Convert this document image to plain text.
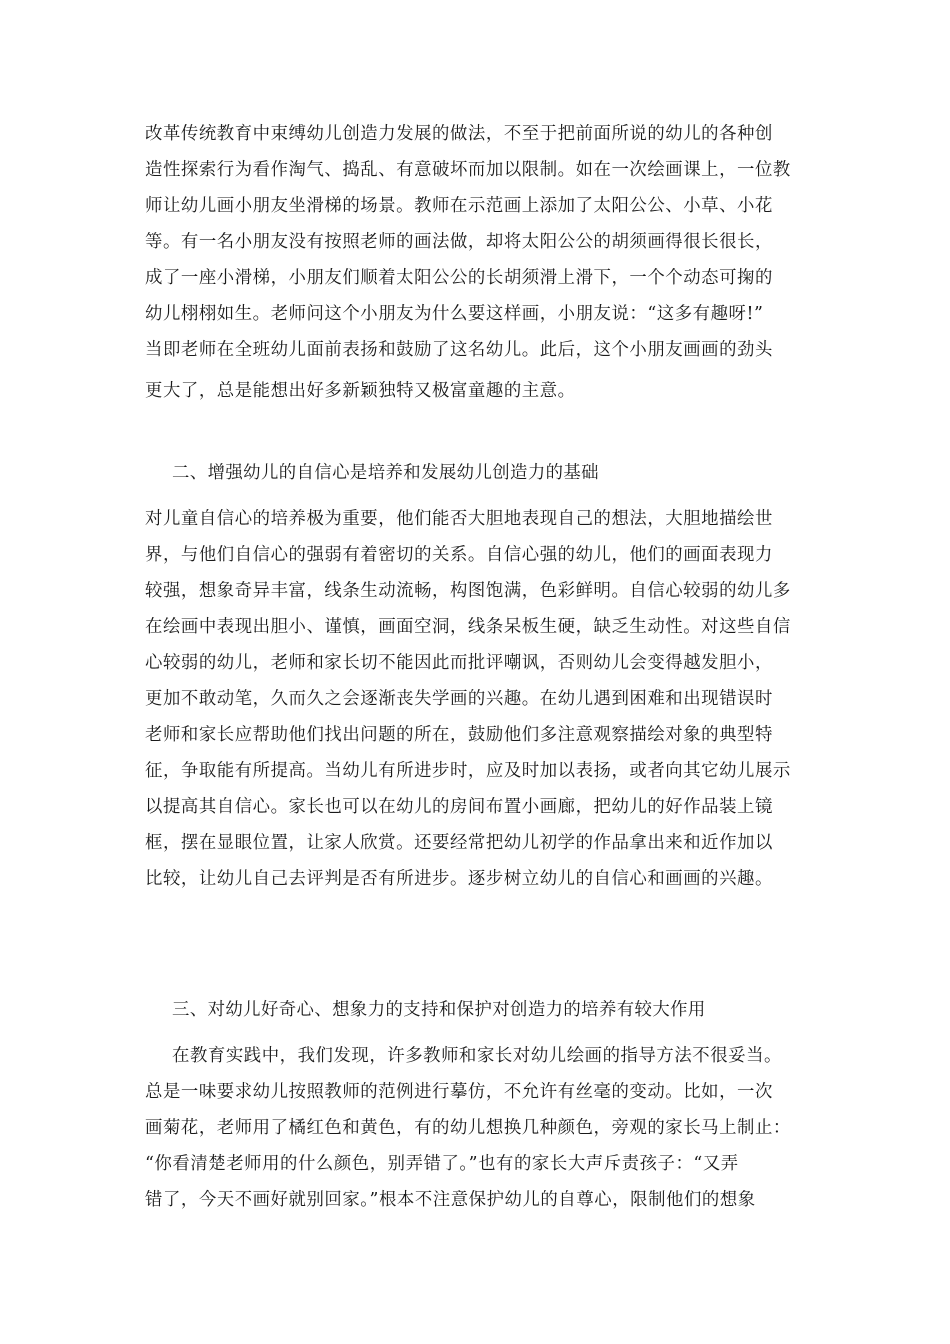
改革传统教育中束缚幼儿创造力发展的做法，不至于把前面所说的幼儿的各种创
造性探索行为看作淘气、捣乱、有意破坏而加以限制。如在一次绘画课上，一位教
师让幼儿画小朋友坐滑梯的场景。教师在示范画上添加了太阳公公、小草、小花
等。有一名小朋友没有按照老师的画法做，却将太阳公公的胡须画得很长很长，
成了一座小滑梯，小朋友们顺着太阳公公的长胡须滑上滑下，一个个动态可掬的
幼儿栩栩如生。老师问这个小朋友为什么要这样画，小朋友说：“这多有趣呀!”
当即老师在全班幼儿面前表扬和鼓励了这名幼儿。此后，这个小朋友画画的劲头
更大了，总是能想出好多新颖独特又极富童趣的主意。
二、增强幼儿的自信心是培养和发展幼儿创造力的基础
对儿童自信心的培养极为重要，他们能否大胆地表现自己的想法，大胆地描绘世
界，与他们自信心的强弱有着密切的关系。自信心强的幼儿，他们的画面表现力
较强，想象奇异丰富，线条生动流畅，构图饱满，色彩鲜明。自信心较弱的幼儿多
在绘画中表现出胆小、谨慎，画面空洞，线条呆板生硬，缺乏生动性。对这些自信
心较弱的幼儿，老师和家长切不能因此而批评嘲讽，否则幼儿会变得越发胆小，
更加不敢动笔，久而久之会逐渐丧失学画的兴趣。在幼儿遇到困难和出现错误时
老师和家长应帮助他们找出问题的所在，鼓励他们多注意观察描绘对象的典型特
征，争取能有所提高。当幼儿有所进步时，应及时加以表扬，或者向其它幼儿展示
以提高其自信心。家长也可以在幼儿的房间布置小画廊，把幼儿的好作品装上镜
框，摆在显眼位置，让家人欣赏。还要经常把幼儿初学的作品拿出来和近作加以
比较，让幼儿自己去评判是否有所进步。逐步树立幼儿的自信心和画画的兴趣。
三、对幼儿好奇心、想象力的支持和保护对创造力的培养有较大作用
在教育实践中，我们发现，许多教师和家长对幼儿绘画的指导方法不很妥当。
总是一味要求幼儿按照教师的范例进行摹仿，不允许有丝毫的变动。比如，一次
画菊花，老师用了橘红色和黄色，有的幼儿想换几种颜色，旁观的家长马上制止：
“你看清楚老师用的什么颜色，别弄错了。”也有的家长大声斥责孩子：“又弄
错了，今天不画好就别回家。”根本不注意保护幼儿的自尊心，限制他们的想象
